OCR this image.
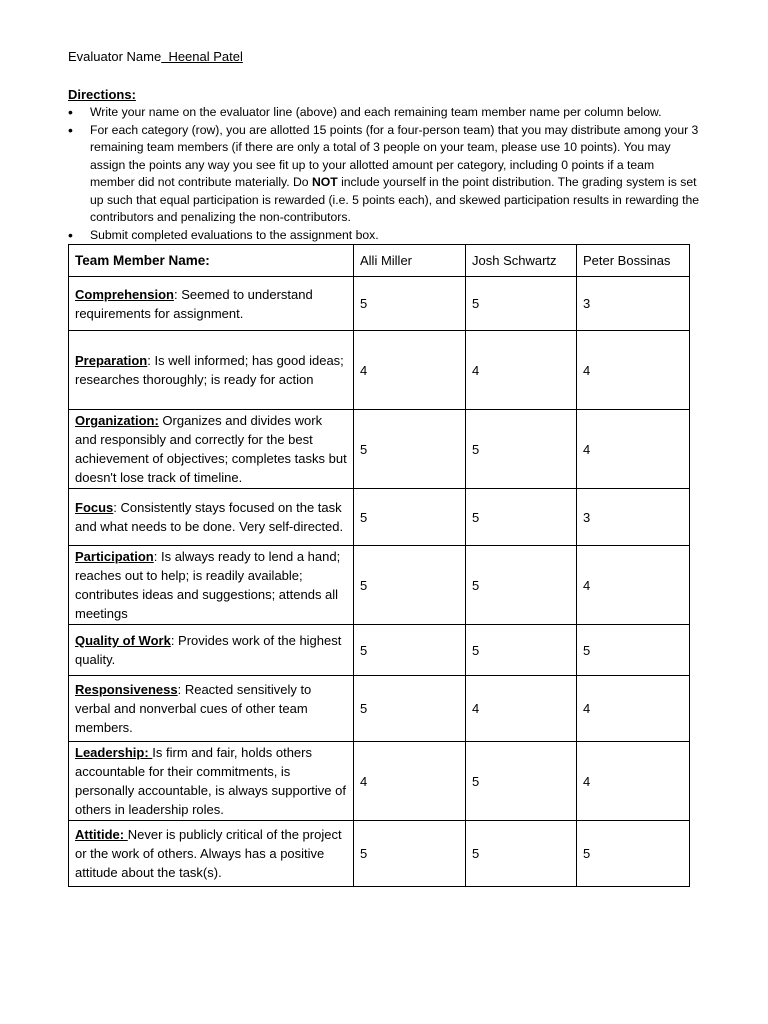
Evaluator Name  Heenal Patel
Directions:
• Write your name on the evaluator line (above) and each remaining team member name per column below.
• For each category (row), you are allotted 15 points (for a four-person team) that you may distribute among your 3 remaining team members (if there are only a total of 3 people on your team, please use 10 points). You may assign the points any way you see fit up to your allotted amount per category, including 0 points if a team member did not contribute materially. Do NOT include yourself in the point distribution. The grading system is set up such that equal participation is rewarded (i.e. 5 points each), and skewed participation results in rewarding the contributors and penalizing the non-contributors.
• Submit completed evaluations to the assignment box.
Team Member Name:	Alli Miller	Josh Schwartz	Peter Bossinas
Comprehension: Seemed to understand requirements for assignment.	5	5	3
Preparation: Is well informed; has good ideas; researches thoroughly; is ready for action	4	4	4
Organization: Organizes and divides work and responsibly and correctly for the best achievement of objectives; completes tasks but doesn't lose track of timeline.	5	5	4
Focus: Consistently stays focused on the task and what needs to be done. Very self-directed.	5	5	3
Participation: Is always ready to lend a hand; reaches out to help; is readily available; contributes ideas and suggestions; attends all meetings	5	5	4
Quality of Work: Provides work of the highest quality.	5	5	5
Responsiveness: Reacted sensitively to verbal and nonverbal cues of other team members.	5	4	4
Leadership: Is firm and fair, holds others accountable for their commitments, is personally accountable, is always supportive of others in leadership roles.	4	5	4
Attitide: Never is publicly critical of the project or the work of others. Always has a positive attitude about the task(s).	5	5	5
